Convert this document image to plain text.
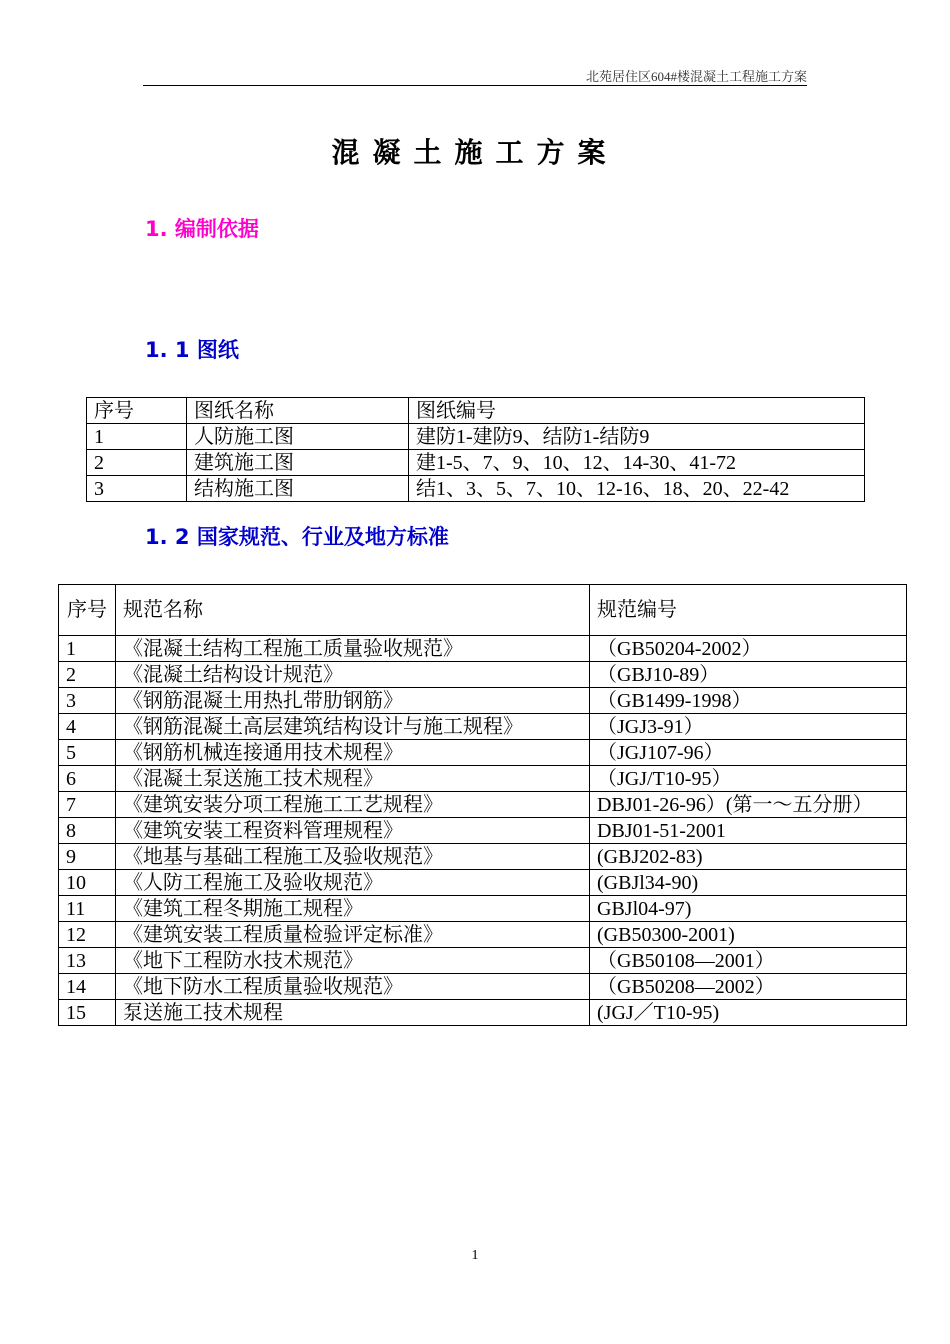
北苑居住区604#楼混凝土工程施工方案
混凝土施工方案
1. 编制依据
1. 1 图纸
序号	图纸名称	图纸编号
1	人防施工图	建防1-建防9、结防1-结防9
2	建筑施工图	建1-5、7、9、10、12、14-30、41-72
3	结构施工图	结1、3、5、7、10、12-16、18、20、22-42
1. 2 国家规范、行业及地方标准
序号	规范名称	规范编号
1	《混凝土结构工程施工质量验收规范》	（GB50204-2002）
2	《混凝土结构设计规范》	（GBJ10-89）
3	《钢筋混凝土用热扎带肋钢筋》	（GB1499-1998）
4	《钢筋混凝土高层建筑结构设计与施工规程》	（JGJ3-91）
5	《钢筋机械连接通用技术规程》	（JGJ107-96）
6	《混凝土泵送施工技术规程》	（JGJ/T10-95）
7	《建筑安装分项工程施工工艺规程》	DBJ01-26-96）(第一～五分册）
8	《建筑安装工程资料管理规程》	DBJ01-51-2001
9	《地基与基础工程施工及验收规范》	(GBJ202-83)
10	《人防工程施工及验收规范》	(GBJl34-90)
11	《建筑工程冬期施工规程》	GBJl04-97)
12	《建筑安装工程质量检验评定标准》	(GB50300-2001)
13	《地下工程防水技术规范》	（GB50108—2001）
14	《地下防水工程质量验收规范》	（GB50208—2002）
15	泵送施工技术规程	(JGJ／T10-95)
1
